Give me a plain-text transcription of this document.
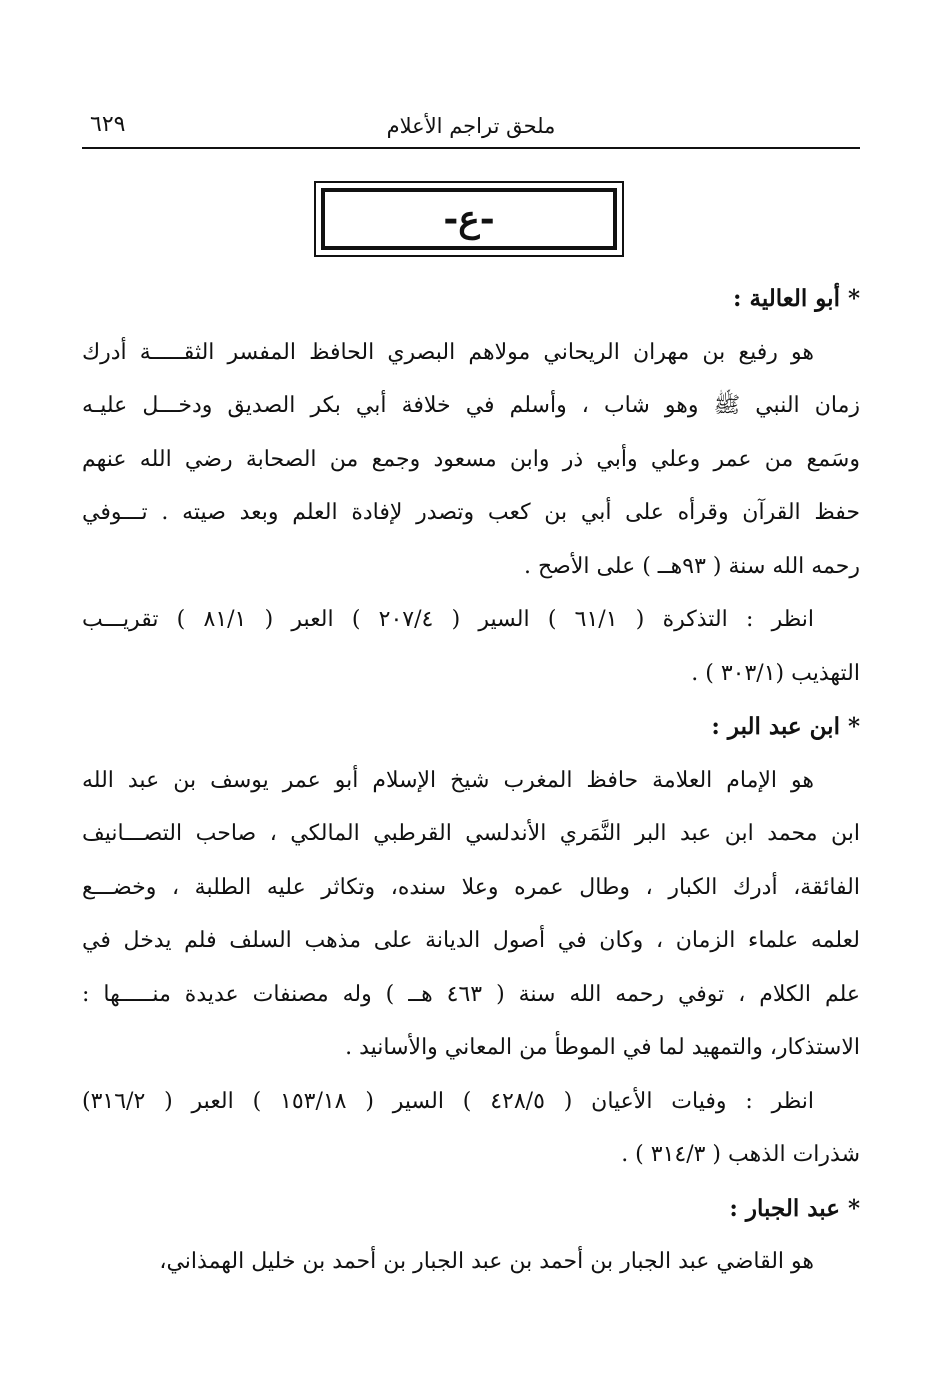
ملحق تراجم الأعلام
٦٢٩
-ع-
* أبو العالية :
هو رفيع بن مهران الريحاني مولاهم البصري الحافظ المفسر الثقـــــة أدرك
زمان النبي ﷺ وهو شاب ، وأسلم في خلافة أبي بكر الصديق ودخـــل عليـه
وسَمع من عمر وعلي وأبي ذر وابن مسعود وجمع من الصحابة رضي الله عنهم
حفظ القرآن وقرأه على أبي بن كعب وتصدر لإفادة العلم وبعد صيته . تـــوفي
رحمه الله سنة ( ٩٣هــ ) على الأصح .
انظر : التذكرة ( ٦١/١ ) السير ( ٢٠٧/٤ ) العبر ( ٨١/١ ) تقريـــب
التهذيب (٣٠٣/١ ) .
* ابن عبد البر :
هو الإمام العلامة حافظ المغرب شيخ الإسلام أبو عمر يوسف بن عبد الله
ابن محمد ابن عبد البر النَّمَري الأندلسي القرطبي المالكي ، صاحب التصـــانيف
الفائقة، أدرك الكبار ، وطال عمره وعلا سنده، وتكاثر عليه الطلبة ، وخضـــع
لعلمه علماء الزمان ، وكان في أصول الديانة على مذهب السلف فلم يدخل في
علم الكلام ، توفي رحمه الله سنة ( ٤٦٣ هــ ) وله مصنفات عديدة منـــــها :
الاستذكار، والتمهيد لما في الموطأ من المعاني والأسانيد .
انظر : وفيات الأعيان ( ٤٢٨/٥ ) السير ( ١٥٣/١٨ ) العبر ( ٣١٦/٢)
شذرات الذهب ( ٣١٤/٣ ) .
* عبد الجبار :
هو القاضي عبد الجبار بن أحمد بن عبد الجبار بن أحمد بن خليل الهمذاني،
